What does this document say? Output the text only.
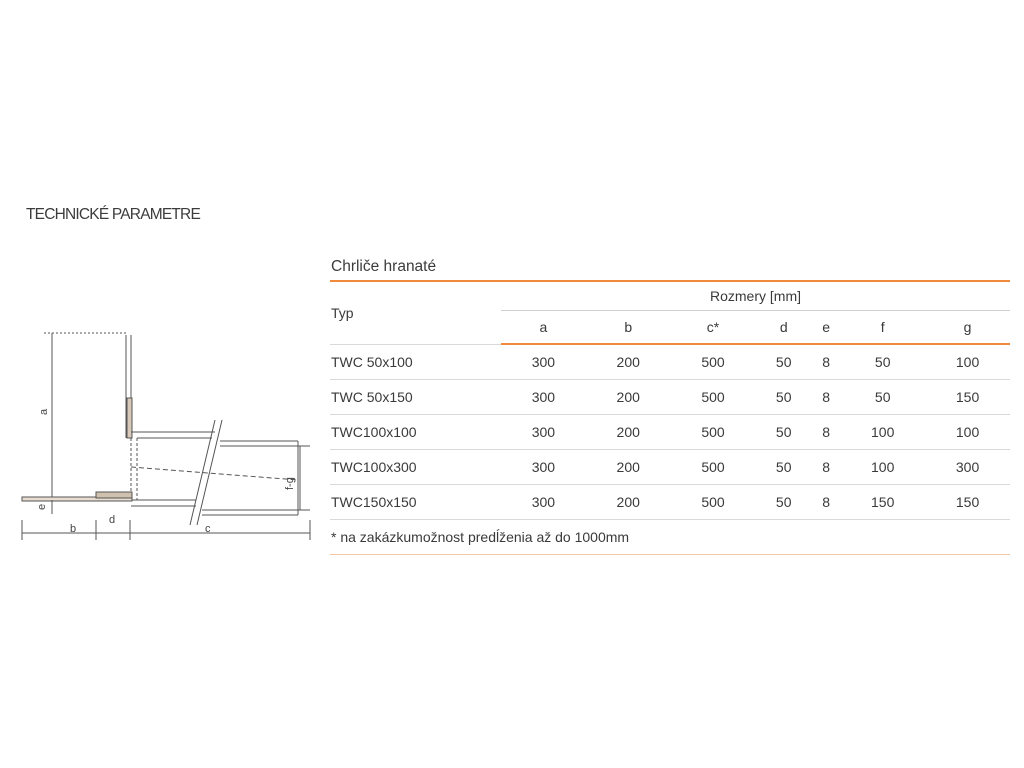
TECHNICKÉ PARAMETRE
a
e
b
d
c
f-g
Chrliče hranaté
Typ	Rozmery [mm]						
	a	b	c*	d	e	f	g
TWC 50x100	300	200	500	50	8	50	100
TWC 50x150	300	200	500	50	8	50	150
TWC100x100	300	200	500	50	8	100	100
TWC100x300	300	200	500	50	8	100	300
TWC150x150	300	200	500	50	8	150	150
* na zakázkumožnost predĺženia až do 1000mm							
